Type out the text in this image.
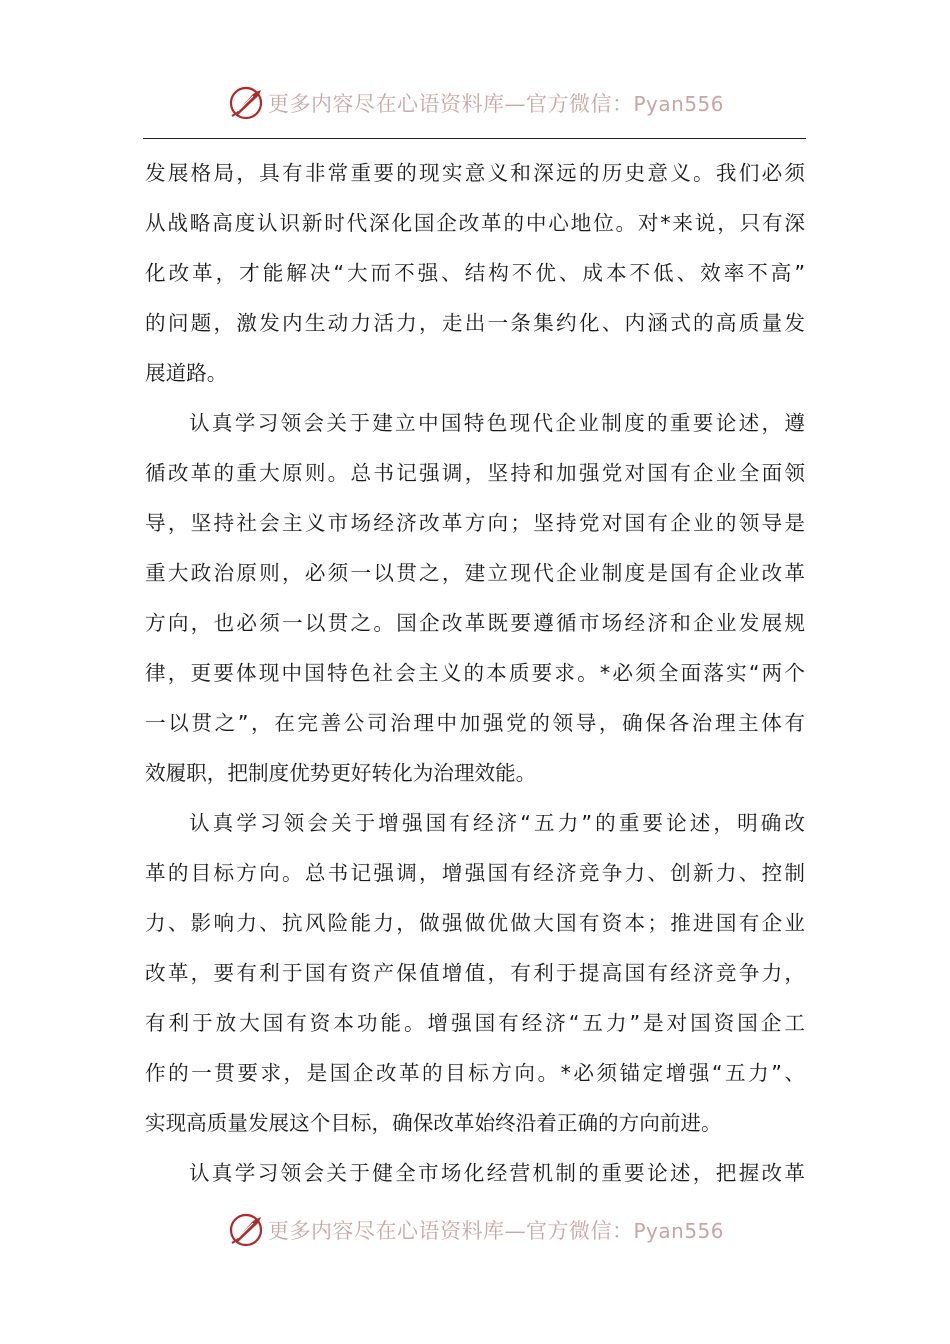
更多内容尽在心语资料库—官方微信：Pyan556
发展格局，具有非常重要的现实意义和深远的历史意义。我们必须
从战略高度认识新时代深化国企改革的中心地位。对*来说，只有深
化改革，才能解决“大而不强、结构不优、成本不低、效率不高”
的问题，激发内生动力活力，走出一条集约化、内涵式的高质量发
展道路。
认真学习领会关于建立中国特色现代企业制度的重要论述，遵
循改革的重大原则。总书记强调，坚持和加强党对国有企业全面领
导，坚持社会主义市场经济改革方向；坚持党对国有企业的领导是
重大政治原则，必须一以贯之，建立现代企业制度是国有企业改革
方向，也必须一以贯之。国企改革既要遵循市场经济和企业发展规
律，更要体现中国特色社会主义的本质要求。*必须全面落实“两个
一以贯之”，在完善公司治理中加强党的领导，确保各治理主体有
效履职，把制度优势更好转化为治理效能。
认真学习领会关于增强国有经济“五力”的重要论述，明确改
革的目标方向。总书记强调，增强国有经济竞争力、创新力、控制
力、影响力、抗风险能力，做强做优做大国有资本；推进国有企业
改革，要有利于国有资产保值增值，有利于提高国有经济竞争力，
有利于放大国有资本功能。增强国有经济“五力”是对国资国企工
作的一贯要求，是国企改革的目标方向。*必须锚定增强“五力”、
实现高质量发展这个目标，确保改革始终沿着正确的方向前进。
认真学习领会关于健全市场化经营机制的重要论述，把握改革
更多内容尽在心语资料库—官方微信：Pyan556
